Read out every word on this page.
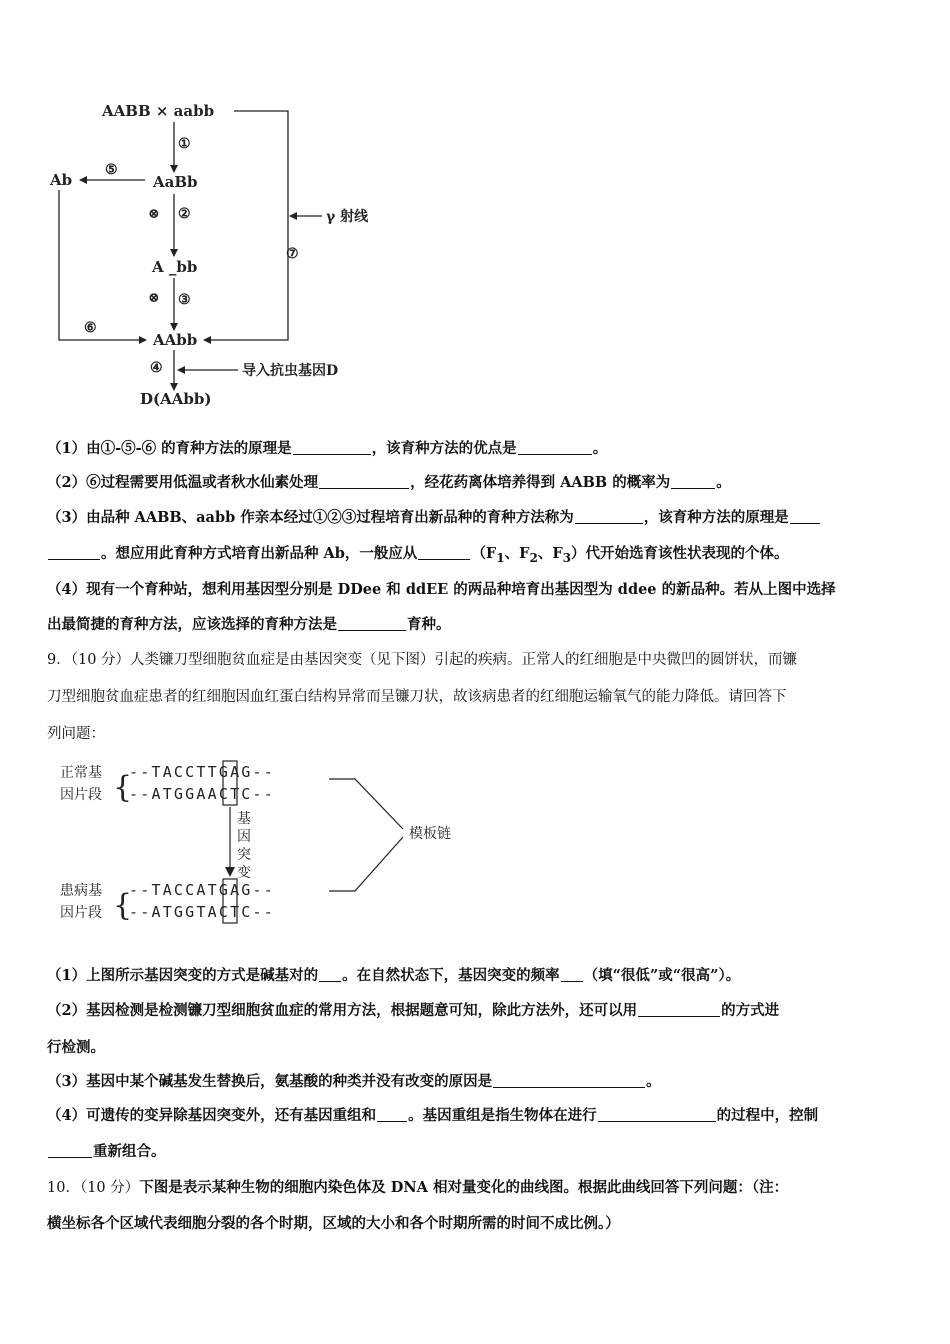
AABB × aabb
AaBb
Ab
A _bb
AAbb
D(AAbb)
①
⑤
⊗ ②
⊗ ③
⑥
⑦
γ 射线
④	导入抗虫基因D
（1）由①-⑤-⑥ 的育种方法的原理是	，该育种方法的优点是	。
（2）⑥过程需要用低温或者秋水仙素处理	，经花药离体培养得到 AABB 的概率为	。
（3）由品种 AABB、aabb 作亲本经过①②③过程培育出新品种的育种方法称为	，该育种方法的原理是
。想应用此育种方式培育出新品种 Ab，一般应从	（$F_1$、$F_2$、$F_3$）代开始选育该性状表现的个体。
（4）现有一个育种站，想利用基因型分别是 DDee 和 ddEE 的两品种培育出基因型为 ddee 的新品种。若从上图中选择
出最简捷的育种方法，应该选择的育种方法是	育种。
9．（10 分）人类镰刀型细胞贫血症是由基因突变（见下图）引起的疾病。正常人的红细胞是中央微凹的圆饼状，而镰
刀型细胞贫血症患者的红细胞因血红蛋白结构异常而呈镰刀状，故该病患者的红细胞运输氧气的能力降低。请回答下
列问题：
正常基
因片段 {
--TACCTTGAG--
--ATGGAACTC--
基
因
突
变
患病基
因片段 {
--TACCATGAG--
--ATGGTACTC--
模板链
（1）上图所示基因突变的方式是碱基对的 。在自然状态下，基因突变的频率 （填“很低”或“很高”）。
（2）基因检测是检测镰刀型细胞贫血症的常用方法，根据题意可知，除此方法外，还可以用	的方式进
行检测。
（3）基因中某个碱基发生替换后，氨基酸的种类并没有改变的原因是	。
（4）可遗传的变异除基因突变外，还有基因重组和 。基因重组是指生物体在进行	的过程中，控制
重新组合。
10．（10 分）下图是表示某种生物的细胞内染色体及 DNA 相对量变化的曲线图。根据此曲线回答下列问题：（注：
横坐标各个区域代表细胞分裂的各个时期，区域的大小和各个时期所需的时间不成比例。）
